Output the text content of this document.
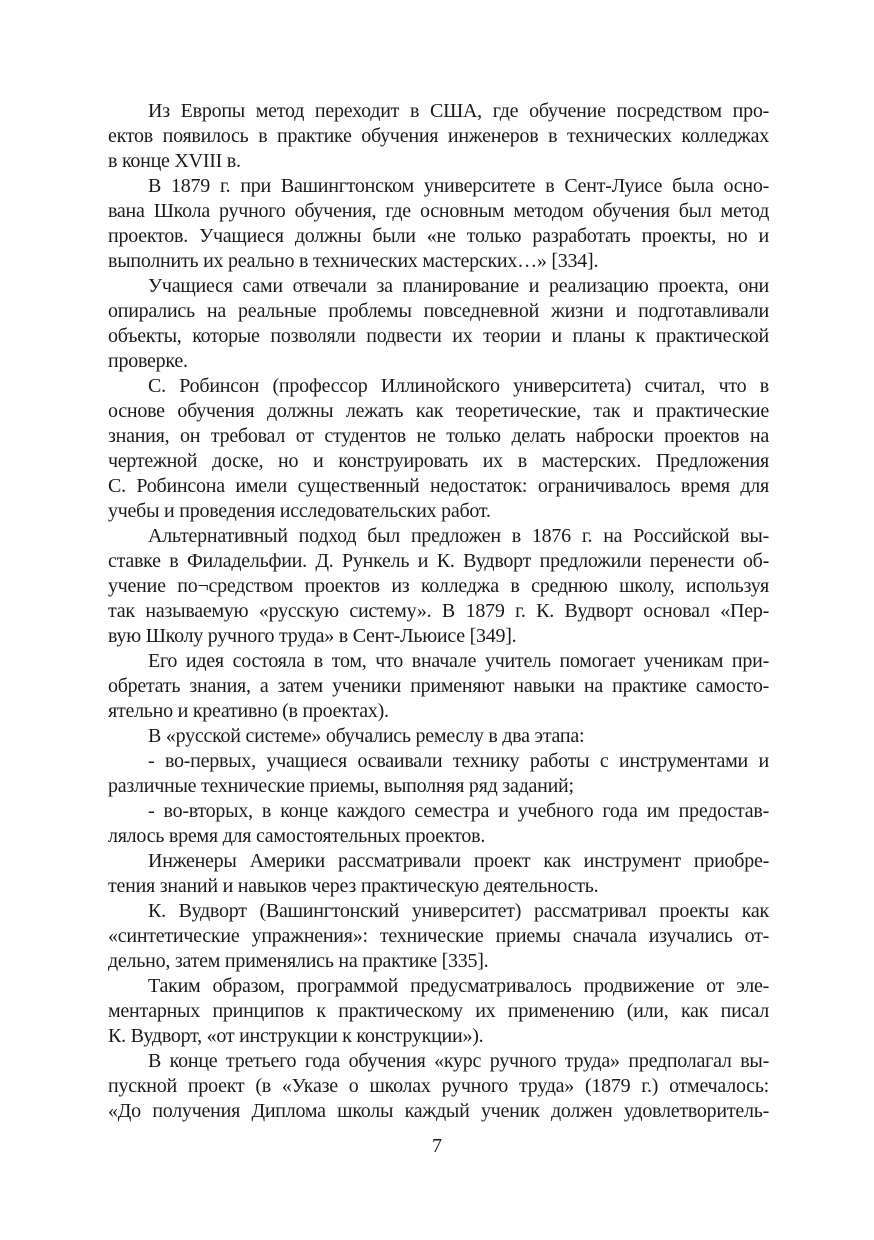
Из Европы метод переходит в США, где обучение посредством про-
ектов появилось в практике обучения инженеров в технических колледжах
в конце XVIII в.
В 1879 г. при Вашингтонском университете в Сент-Луисе была осно-
вана Школа ручного обучения, где основным методом обучения был метод
проектов. Учащиеся должны были «не только разработать проекты, но и
выполнить их реально в технических мастерских…» [334].
Учащиеся сами отвечали за планирование и реализацию проекта, они
опирались на реальные проблемы повседневной жизни и подготавливали
объекты, которые позволяли подвести их теории и планы к практической
проверке.
С. Робинсон (профессор Иллинойского университета) считал, что в
основе обучения должны лежать как теоретические, так и практические
знания, он требовал от студентов не только делать наброски проектов на
чертежной доске, но и конструировать их в мастерских. Предложения
С. Робинсона имели существенный недостаток: ограничивалось время для
учебы и проведения исследовательских работ.
Альтернативный подход был предложен в 1876 г. на Российской вы-
ставке в Филадельфии. Д. Рункель и К. Вудворт предложили перенести об-
учение по¬средством проектов из колледжа в среднюю школу, используя
так называемую «русскую систему». В 1879 г. К. Вудворт основал «Пер-
вую Школу ручного труда» в Сент-Льюисе [349].
Его идея состояла в том, что вначале учитель помогает ученикам при-
обретать знания, а затем ученики применяют навыки на практике самосто-
ятельно и креативно (в проектах).
В «русской системе» обучались ремеслу в два этапа:
- во-первых, учащиеся осваивали технику работы с инструментами и
различные технические приемы, выполняя ряд заданий;
- во-вторых, в конце каждого семестра и учебного года им предостав-
лялось время для самостоятельных проектов.
Инженеры Америки рассматривали проект как инструмент приобре-
тения знаний и навыков через практическую деятельность.
К. Вудворт (Вашингтонский университет) рассматривал проекты как
«синтетические упражнения»: технические приемы сначала изучались от-
дельно, затем применялись на практике [335].
Таким образом, программой предусматривалось продвижение от эле-
ментарных принципов к практическому их применению (или, как писал
К. Вудворт, «от инструкции к конструкции»).
В конце третьего года обучения «курс ручного труда» предполагал вы-
пускной проект (в «Указе о школах ручного труда» (1879 г.) отмечалось:
«До получения Диплома школы каждый ученик должен удовлетворитель-
7
